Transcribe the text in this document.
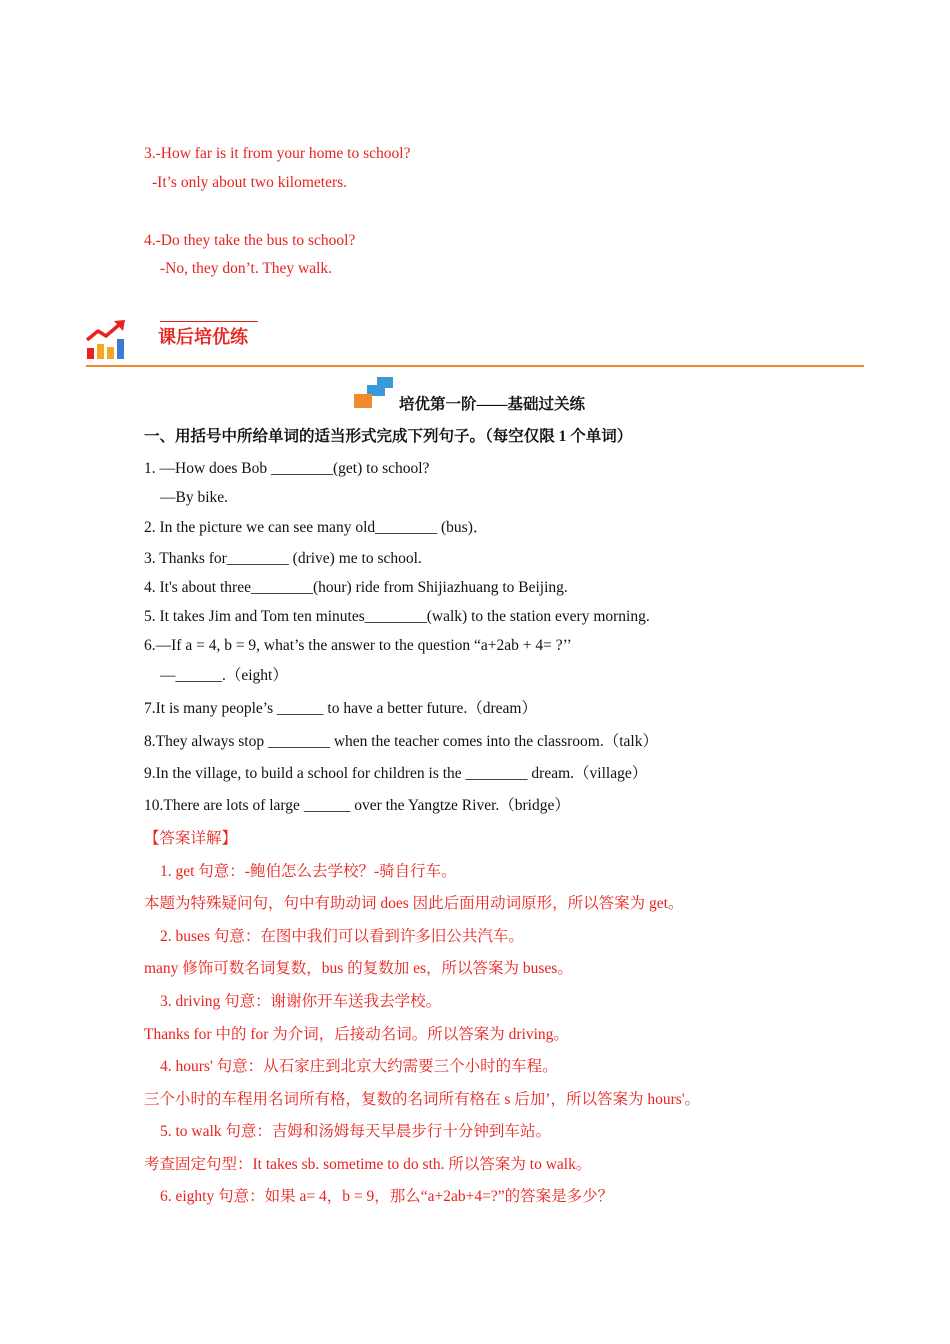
3.-How far is it from your home to school?
-It’s only about two kilometers.
4.-Do they take the bus to school?
-No, they don’t. They walk.
课后培优练
培优第一阶——基础过关练
一、用括号中所给单词的适当形式完成下列句子。（每空仅限 1 个单词）
1. —How does Bob ________(get) to school?
—By bike.
2. In the picture we can see many old________ (bus)．
3. Thanks for________ (drive) me to school.
4. It's about three________(hour) ride from Shijiazhuang to Beijing.
5. It takes Jim and Tom ten minutes________(walk) to the station every morning.
6.—If a = 4, b = 9, what’s the answer to the question “a+2ab + 4= ?’’
—______.（eight）
7.It is many people’s ______ to have a better future.（dream）
8.They always stop ________ when the teacher comes into the classroom.（talk）
9.In the village, to build a school for children is the ________ dream.（village）
10.There are lots of large ______ over the Yangtze River.（bridge）
【答案详解】
1. get 句意：-鲍伯怎么去学校？-骑自行车。
本题为特殊疑问句，句中有助动词 does 因此后面用动词原形，所以答案为 get。
2. buses 句意：在图中我们可以看到许多旧公共汽车。
many 修饰可数名词复数，bus 的复数加 es，所以答案为 buses。
3. driving 句意：谢谢你开车送我去学校。
Thanks for 中的 for 为介词，后接动名词。所以答案为 driving。
4. hours' 句意：从石家庄到北京大约需要三个小时的车程。
三个小时的车程用名词所有格，复数的名词所有格在 s 后加’，所以答案为 hours'。
5. to walk 句意：吉姆和汤姆每天早晨步行十分钟到车站。
考查固定句型：It takes sb. sometime to do sth. 所以答案为 to walk。
6. eighty 句意：如果 a= 4，b = 9，那么“a+2ab+4=?”的答案是多少？
